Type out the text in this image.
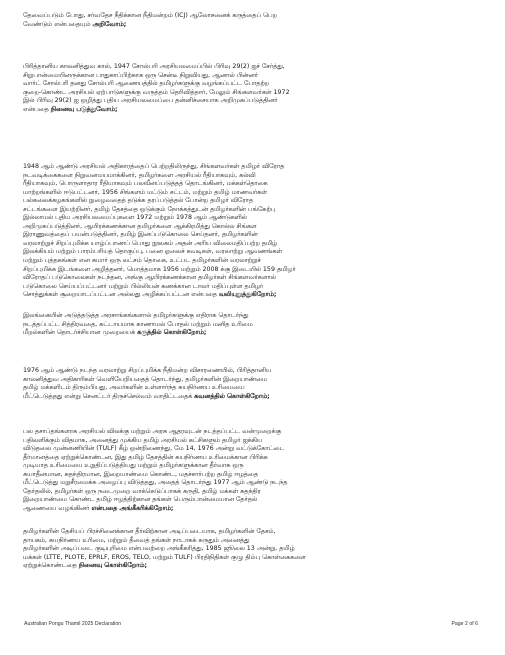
தேவைப்படும் போது, சர்வதேச நீதிக்கான நீதிமன்றம் (ICJ) ஆலோசனைக் கருத்தைப் பெற
வேண்டும் என்பதையும் அறிவோம்;

பிரித்தானிய காலனித்துவ கால், 1947 சோல்பரி அரசியலமைப்பில் பிரிவு 29(2) ஐச் சேர்த்து,
சிறுபான்மையினருக்கான பாதுகாப்பிற்காக ஒரு சென்டீ நிறுவியது, ஆனால் பின்னர்
வார்ட் சோல்பரி தனது சோல்பரி ஆணையத்தில் தமிழர்களுக்கு வழங்கப்பட்ட போதற்ற
குறை-கொண்ட அரசியல் ஏற்பாடுகளுக்கு வருத்தம் தெரிவித்தார், மேலும் சிங்களவர்கள் 1972
இல் பிரிவு 29(2) ஐ ஒழித்து புதிய அரசியலமைப்பை தன்னிச்சையாக அறிமுகப்படுத்தினர்
என்பதை நினைவு படுத்துவோம்;

1948 ஆம் ஆண்டு அரசியல் அதிகாரத்தைப் பெற்றதிலிருந்து, சிங்களவர்கள் தமிழர் விரோத
நடவடிக்கைகளை நிறுவனமயமாக்கினர், தமிழர்களை அரசியல் ரீதியாகவும், கல்வி
ரீதியாகவும், பொருளாதார ரீதியாகவும் பலவீனப்படுத்தத் தொடங்கினர், மக்கள்தொகை
மாற்றங்களில் ஈடுபட்டனர், 1956 சிங்களம் மட்டும் சட்டம், மற்றும் தமிழ் மாணவர்கள்
பல்கலைக்கழகங்களில் நுழைவதைத் தடுக்க தரப்படுத்தல் போன்ற தமிழர் விரோத
சட்டங்களை இயற்றினர், தமிழ் தேசத்தை ஒடுக்கும் நோக்கத்துடன் தமிழர்களின் பங்கேற்பு
இல்லாமல் புதிய அரசியலமைப்புகளை 1972 மற்றும் 1978 ஆம் ஆண்டுகளில்
அறிமுகப்படுத்தினர், ஆயிரக்கணக்கான தமிழர்களை ஆக்கிரமித்து கொல்ல சிங்கள
இராணுவத்தைப் பயன்படுத்தினர், தமிழ் இனப்படுகொலை செய்தனர், தமிழர்களின்
வரலாற்றுச் சிறப்புமிக்க யாழ்ப்பாணப் பொது நூலகம் அதன் அரிய விலைமதிப்பற்ற தமிழ்
இலக்கியம் மற்றும் பாரம்பரியத் தொகுப்பு, பனை ஓலைச் சுவடிகள், வரலாற்று ஆவணங்கள்
மற்றும் புத்தகங்கள் என சுமார் ஒரு லட்சம் தொகை, உட்பட தமிழர்களின் வரலாற்றுச்
சிறப்புமிக்க இடங்களை அழித்தனர், மொத்தமாக 1956 மற்றும் 2008 க்கு இடையில் 159 தமிழர்
விரோதப் படுகொலைகள் நடந்தன, அங்கு ஆயிரக்கணக்கான தமிழர்கள் சிங்களவர்களால்
படுகொலை செய்யப்பட்டனர் மற்றும் பில்லியன் கணக்கான டாலர் மதிப்புள்ள தமிழர்
சொத்துக்கள் சூறையாடப்பட்டன அல்லது அழிக்கப்பட்டன என்பதை வலியுறுத்துகிறோம்;

இலங்கையின் அடுத்தடுத்த அரசாங்கங்களால் தமிழர்களுக்கு எதிராக தொடர்ந்து
நடத்தப்பட்ட சித்திரவதை, கட்டாயமாக காணாமல் போதல் மற்றும் மனித உரிமை
மீறல்களின் தொடர்ச்சியான முறையைக் கருத்தில் கொள்கிறோம்;

1976 ஆம் ஆண்டு நடந்த வரலாற்று சிறப்புமிக்க நீதிமன்ற விசாரணையில், பிரித்தானிய
காலனித்துவ அதிகாரிகள் வெளியேறியதைத் தொடர்ந்து, தமிழர்களின் இறையாண்மை
தமிழ் மக்களிடம் திரும்பியது, அவர்களின் உள்ளார்ந்த சுயநிர்ணய உரிமையை
மீட்டெடுத்தது என்று செனட்டர் திருச்செல்வம் வாதிட்டதைக் கவனத்தில் கொள்கிறோம்;

பல தசாப்தங்களாக அரசியல் விலக்கு மற்றும் அரசு ஆதரவுடன் நடத்தப்பட்ட வன்முறைக்கு
பதிலளிக்கும் விதமாக, அனைத்து முக்கிய தமிழ் அரசியல் கட்சிகளும் தமிழர் ஐக்கிய
விடுதலை முன்னணியின் (TULF) கீழ் ஒன்றிணைந்து, மே 14, 1976 அன்று வட்டுக்கோட்டை
தீர்மானத்தை ஏற்றுக்கொண்டன, இது தமிழ் தேசத்தின் சுயநிர்ணய உரிமைக்கான பிரிக்க
முடியாத உரிமையை உறுதிப்படுத்தியது மற்றும் தமிழர்களுக்கான தீர்வாக ஒரு
சுயாதீனமான, சுதந்திரமான, இறையாண்மை கொண்ட, மதச்சார்பற்ற தமிழ் ஈழத்தை
மீட்டெடுத்து மறுசீரமைக்க அழைப்பு விடுத்தது, அதைத் தொடர்ந்து 1977 ஆம் ஆண்டு நடந்த
தேர்தலில், தமிழர்கள் ஒரு நடைமுறை வாக்கெடுப்பாகக் கருதி, தமிழ் மக்கள் சுதந்திர
இறையாண்மை கொண்ட தமிழ் ஈழத்திற்கான தங்கள் பெரும்பான்மையான தேர்தல்
ஆணையை வழங்கினர் என்பதை அங்கீகரிக்கிறோம்;

தமிழர்களின் தேசியப் பிரச்சினைக்கான தீர்விற்கான அடிப்படையாக, தமிழர்களின் தேசம்,
தாயகம், சுயநிர்ணய உரிமை, மற்றும் தீவைத் தங்கள் நாடாகக் கருதும் அனைத்து
தமிழர்களின் அடிப்படை குடியுரிமை என்பவற்றை அங்கீகரித்து, 1985 ஜூலை 13 அன்று, தமிழ்
மக்கள் (LTTE, PLOTE, EPRLF, EROS, TELO, மற்றும் TULF) பிரதிநிதிகள் குழு திம்பு கொள்கைகளை
ஏற்றுக்கொண்டதை நினைவு கொள்கிறோம்;

Australian Pongu Thamil 2025 Declaration	Page 2 of 6
